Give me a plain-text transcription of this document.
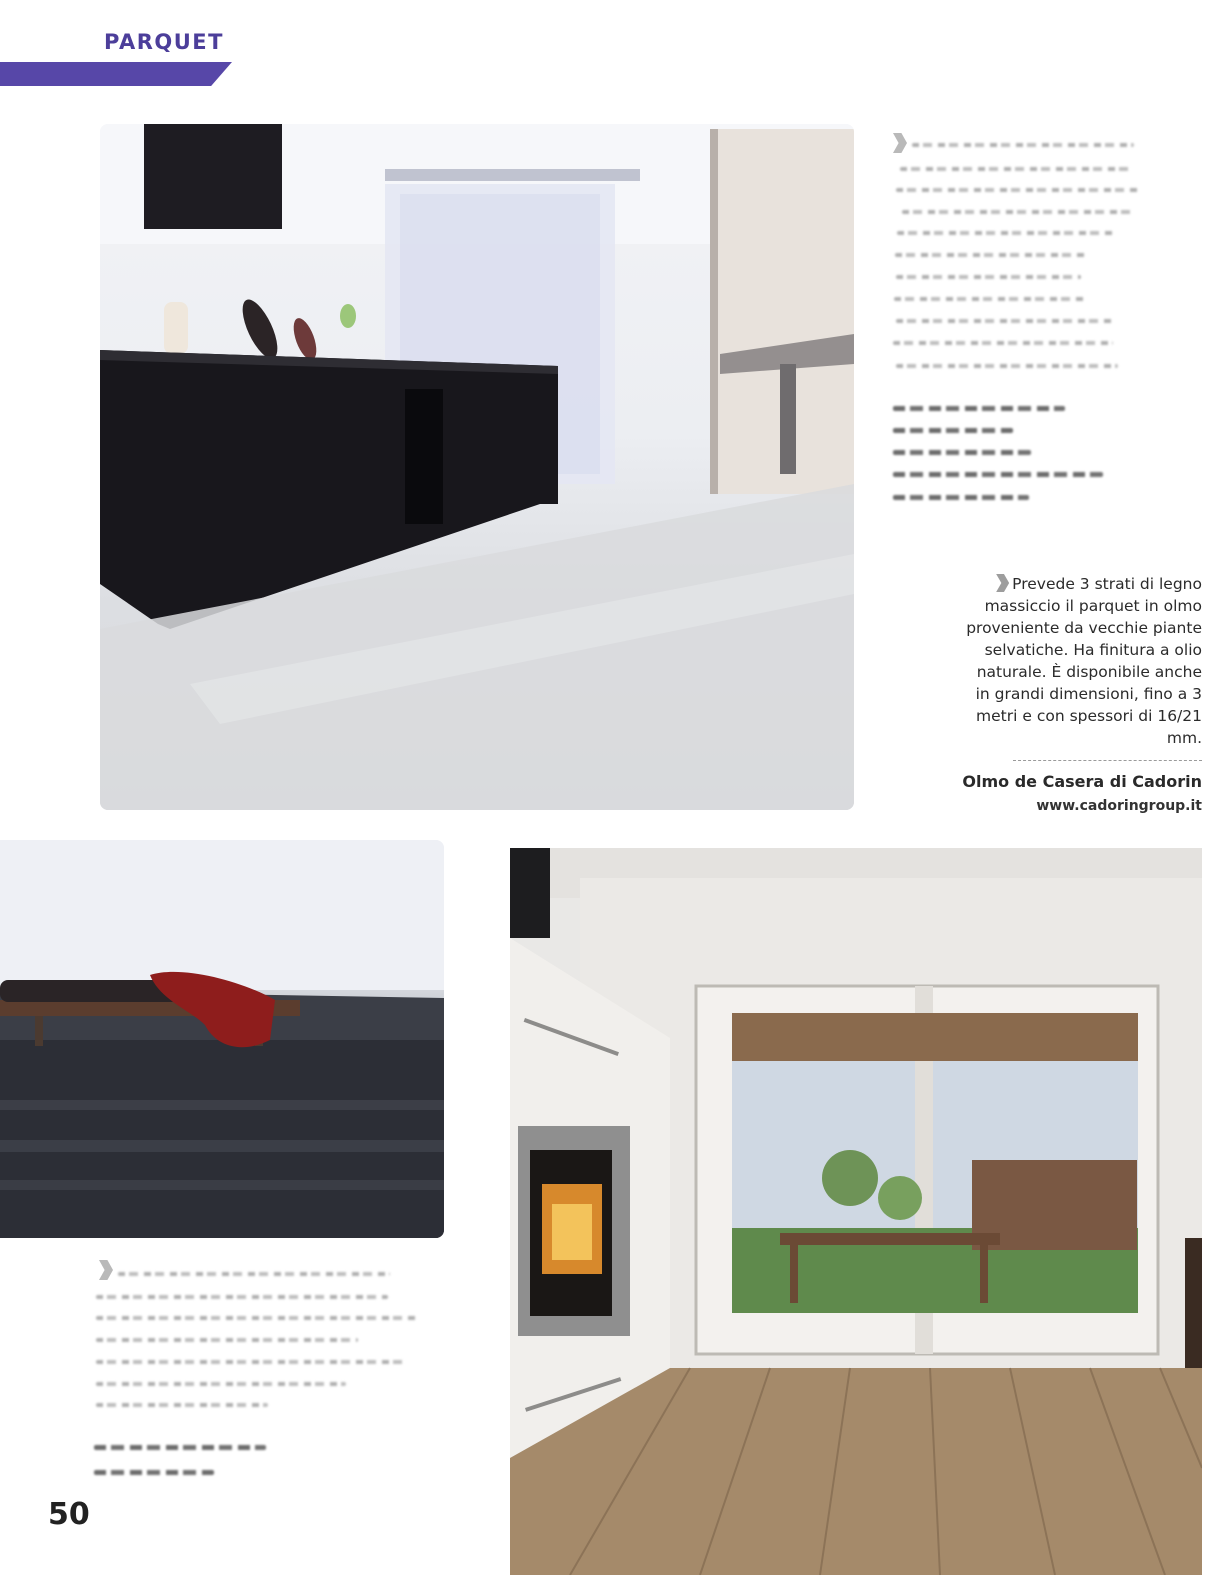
PARQUET
Prevede 3 strati di legno massiccio il parquet in olmo proveniente da vecchie piante selvatiche. Ha finitura a olio naturale. È disponibile anche in grandi dimensioni, fino a 3 metri e con spessori di 16/21 mm.
Olmo de Casera di Cadorin
www.cadoringroup.it
50
